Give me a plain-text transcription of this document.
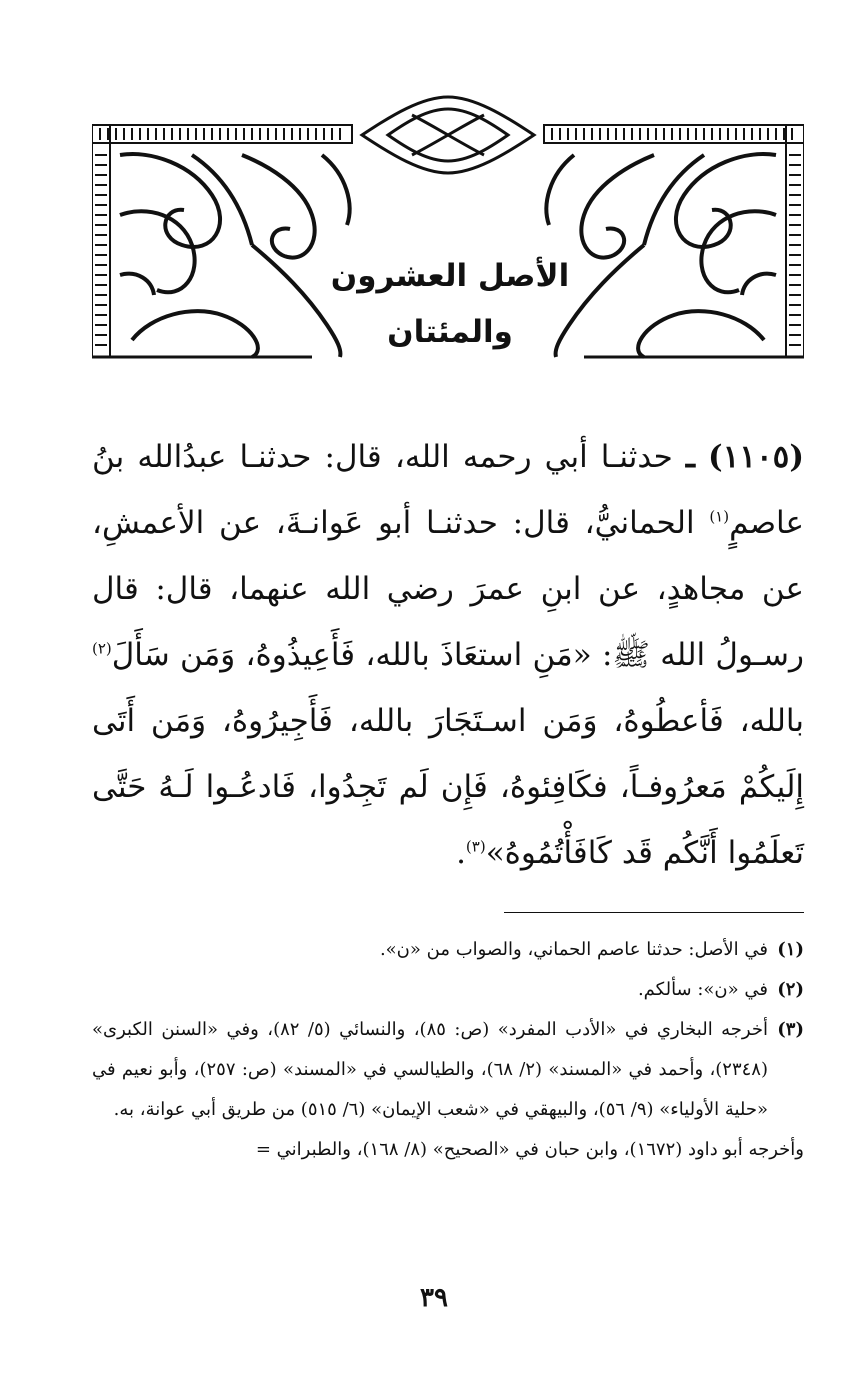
الأصل العشرون والمئتان
(١١٠٥) ـ حدثنـا أبي رحمه الله، قال: حدثنـا عبدُالله بنُ عاصمٍ$^{(١)}$ الحمانيُّ، قال: حدثنـا أبو عَوانـةَ، عن الأعمشِ، عن مجاهدٍ، عن ابنِ عمرَ رضي الله عنهما، قال: قال رسـولُ الله ﷺ: «مَنِ استعَاذَ بالله، فَأَعِيذُوهُ، وَمَن سَأَلَ$^{(٢)}$ بالله، فَأعطُوهُ، وَمَن اسـتَجَارَ بالله، فَأَجِيرُوهُ، وَمَن أَتَى إِلَيكُمْ مَعرُوفـاً، فكَافِئوهُ، فَإِن لَم تَجِدُوا، فَادعُـوا لَـهُ حَتَّى تَعلَمُوا أَنَّكُم قَد كَافَأْتُمُوهُ»$^{(٣)}$.
(١)
في الأصل: حدثنا عاصم الحماني، والصواب من «ن».
(٢)
في «ن»: سألكم.
(٣)
أخرجه البخاري في «الأدب المفرد» (ص: ٨٥)، والنسائي (٥/ ٨٢)، وفي «السنن الكبرى» (٢٣٤٨)، وأحمد في «المسند» (٢/ ٦٨)، والطيالسي في «المسند» (ص: ٢٥٧)، وأبو نعيم في «حلية الأولياء» (٩/ ٥٦)، والبيهقي في «شعب الإيمان» (٦/ ٥١٥) من طريق أبي عوانة، به.
وأخرجه أبو داود (١٦٧٢)، وابن حبان في «الصحيح» (٨/ ١٦٨)، والطبراني =
٣٩
